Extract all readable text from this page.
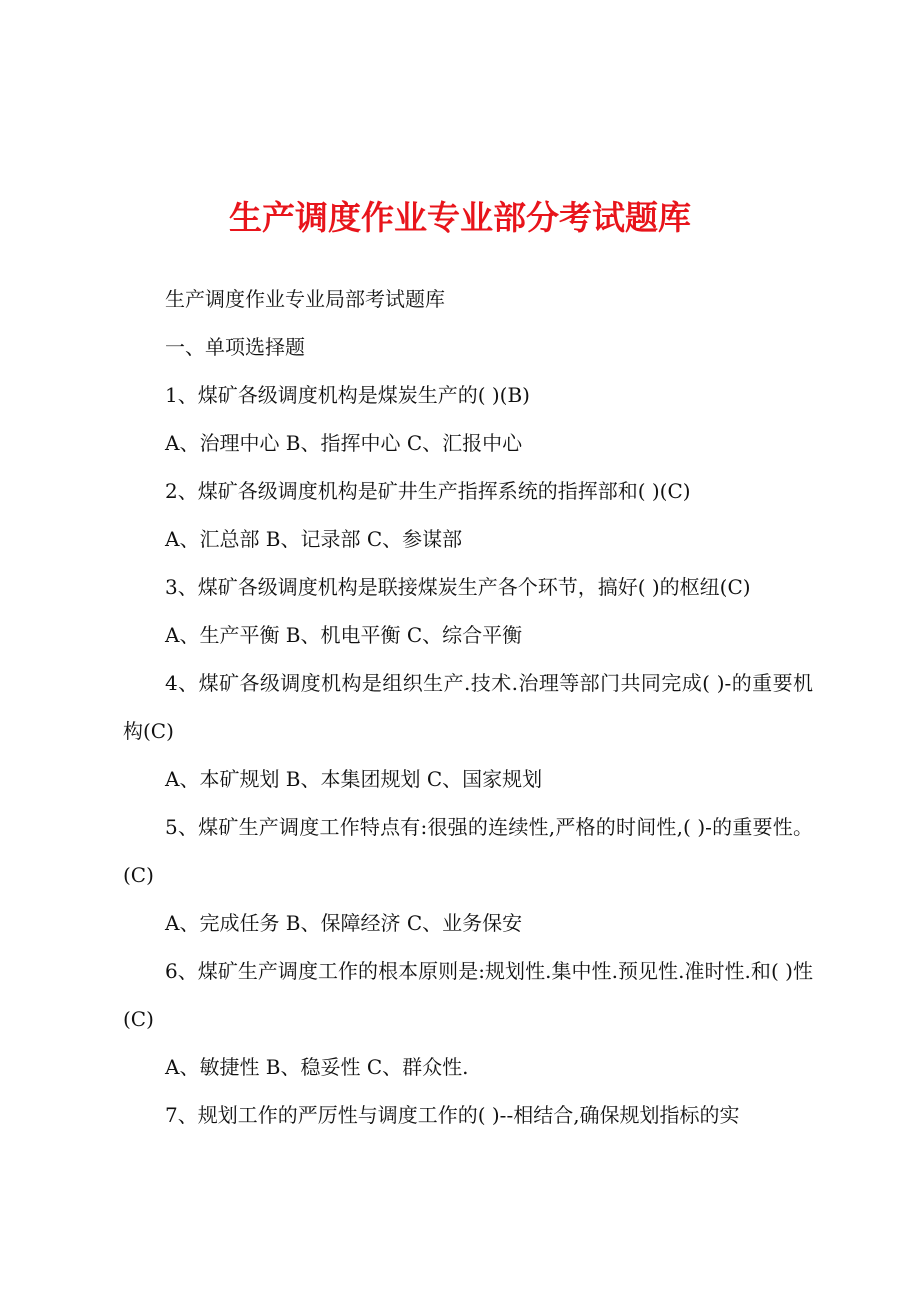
生产调度作业专业部分考试题库

生产调度作业专业局部考试题库

一、单项选择题

1、煤矿各级调度机构是煤炭生产的( )(B)

A、治理中心 B、指挥中心 C、汇报中心

2、煤矿各级调度机构是矿井生产指挥系统的指挥部和( )(C)

A、汇总部 B、记录部 C、参谋部

3、煤矿各级调度机构是联接煤炭生产各个环节，搞好( )的枢纽(C)

A、生产平衡 B、机电平衡 C、综合平衡

4、煤矿各级调度机构是组织生产.技术.治理等部门共同完成( )-的重要机构(C)

A、本矿规划 B、本集团规划 C、国家规划

5、煤矿生产调度工作特点有:很强的连续性,严格的时间性,( )-的重要性。(C)

A、完成任务 B、保障经济 C、业务保安

6、煤矿生产调度工作的根本原则是:规划性.集中性.预见性.准时性.和( )性(C)

A、敏捷性 B、稳妥性 C、群众性.

7、规划工作的严厉性与调度工作的( )--相结合,确保规划指标的实
